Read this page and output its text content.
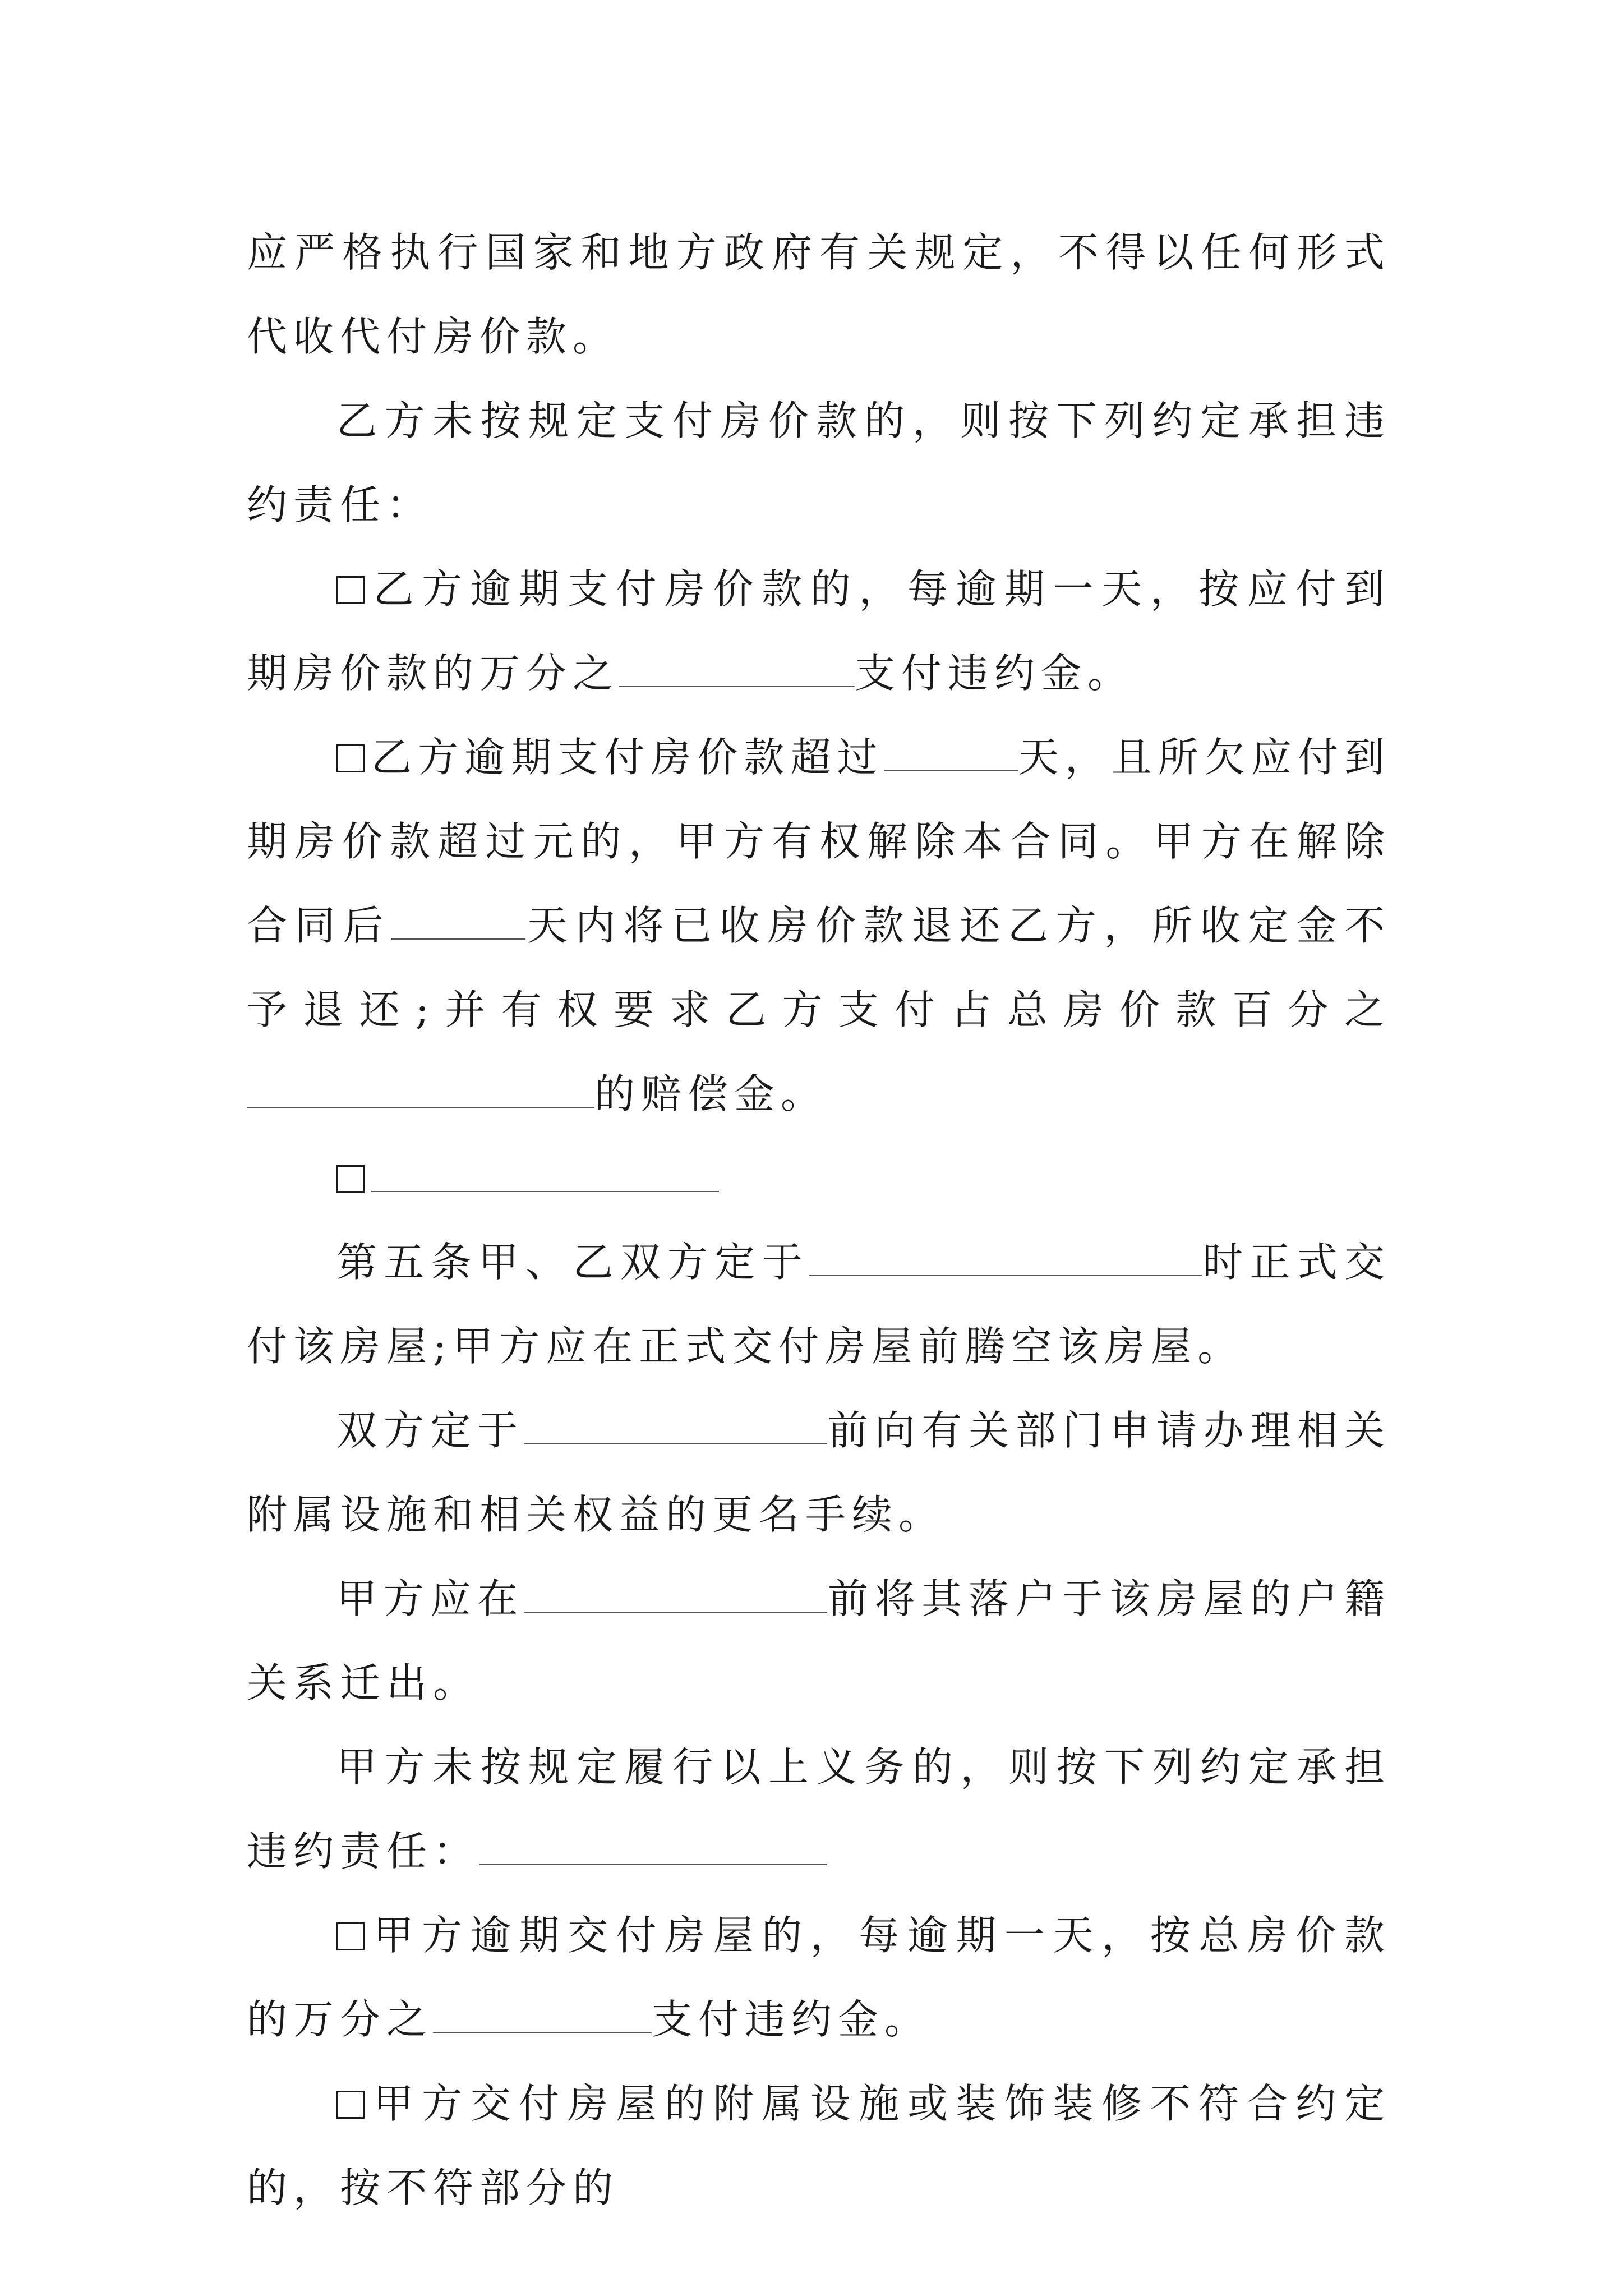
应严格执行国家和地方政府有关规定，不得以任何形式代收代付房价款。

乙方未按规定支付房价款的，则按下列约定承担违约责任：

乙方逾期支付房价款的，每逾期一天，按应付到期房价款的万分之	支付违约金。

乙方逾期支付房价款超过	天，且所欠应付到期房价款超过元的，甲方有权解除本合同。甲方在解除合同后	天内将已收房价款退还乙方，所收定金不予退还;并有权要求乙方支付占总房价款百分之的赔偿金。

第五条甲、乙双方定于	时正式交付该房屋;甲方应在正式交付房屋前腾空该房屋。

双方定于	前向有关部门申请办理相关附属设施和相关权益的更名手续。

甲方应在	前将其落户于该房屋的户籍关系迁出。

甲方未按规定履行以上义务的，则按下列约定承担违约责任：

甲方逾期交付房屋的，每逾期一天，按总房价款的万分之	支付违约金。

甲方交付房屋的附属设施或装饰装修不符合约定的，按不符部分的
